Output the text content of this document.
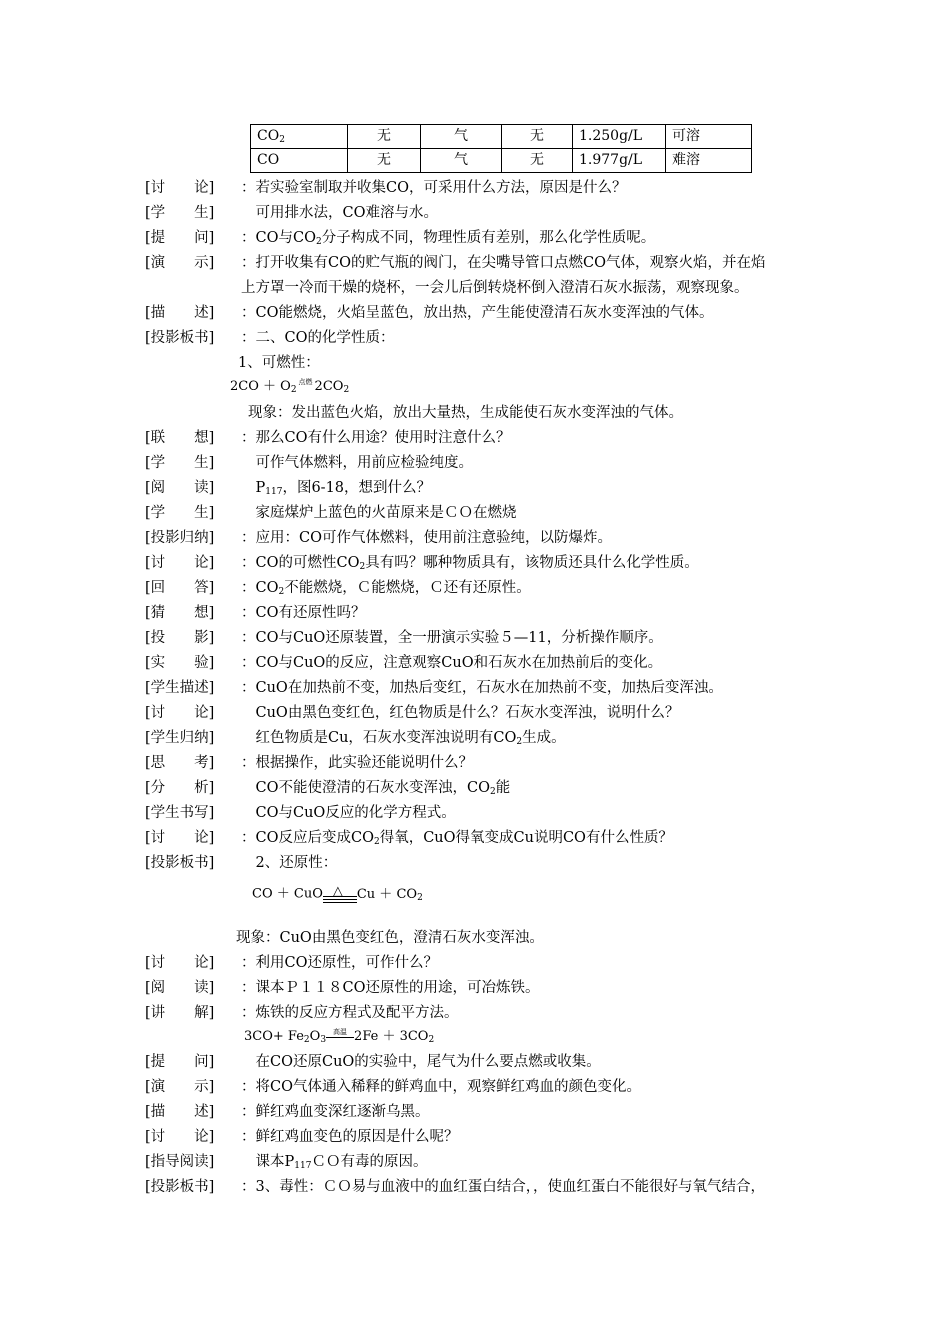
$CO_2$	无	气	无	1.250g/L	可溶
CO	无	气	无	1.977g/L	难溶
[讨　　论] ：若实验室制取并收集CO，可采用什么方法，原因是什么？
[学　　生]　可用排水法，CO难溶与水。
[提　　问] ：CO与$CO_2$分子构成不同，物理性质有差别，那么化学性质呢。
[演　　示] ：打开收集有CO的贮气瓶的阀门，在尖嘴导管口点燃CO气体，观察火焰，并在焰
上方罩一冷而干燥的烧杯，一会儿后倒转烧杯倒入澄清石灰水振荡，观察现象。
[描　　述] ：CO能燃烧，火焰呈蓝色，放出热，产生能使澄清石灰水变浑浊的气体。
[投影板书] ：二、CO的化学性质：
1、可燃性：
$2CO + O_2$点燃 $2CO_2$
现象：发出蓝色火焰，放出大量热，生成能使石灰水变浑浊的气体。
[联　　想] ：那么CO有什么用途？使用时注意什么？
[学　　生]　可作气体燃料，用前应检验纯度。
[阅　　读]　$P_{117}$，图6-18，想到什么？
[学　　生]　家庭煤炉上蓝色的火苗原来是ＣＯ在燃烧
[投影归纳] ：应用：CO可作气体燃料，使用前注意验纯，以防爆炸。
[讨　　论] ：CO的可燃性$CO_2$具有吗？哪种物质具有，该物质还具什么化学性质。
[回　　答] ：$CO_2$不能燃烧，Ｃ能燃烧，Ｃ还有还原性。
[猜　　想] ：CO有还原性吗？
[投　　影] ：CO与CuO还原装置，全一册演示实验５—11，分析操作顺序。
[实　　验] ：CO与CuO的反应，注意观察CuO和石灰水在加热前后的变化。
[学生描述] ：CuO在加热前不变，加热后变红，石灰水在加热前不变，加热后变浑浊。
[讨　　论]　CuO由黑色变红色，红色物质是什么？石灰水变浑浊，说明什么？
[学生归纳]　红色物质是Cu，石灰水变浑浊说明有$CO_2$生成。
[思　　考] ：根据操作，此实验还能说明什么？
[分　　析]　CO不能使澄清的石灰水变浑浊，$CO_2$能
[学生书写]　CO与CuO反应的化学方程式。
[讨　　论] ：CO反应后变成$CO_2$得氧，CuO得氧变成Cu说明CO有什么性质？
[投影板书]　2、还原性：
CO ＋ CuO △ $Cu + CO_2$
现象：CuO由黑色变红色，澄清石灰水变浑浊。
[讨　　论] ：利用CO还原性，可作什么？
[阅　　读] ：课本Ｐ１１８CO还原性的用途，可冶炼铁。
[讲　　解] ：炼铁的反应方程式及配平方法。
$3CO+ Fe_2O_3$高温 $2Fe + 3CO_2$
[提　　问]　在CO还原CuO的实验中，尾气为什么要点燃或收集。
[演　　示] ：将CO气体通入稀释的鲜鸡血中，观察鲜红鸡血的颜色变化。
[描　　述] ：鲜红鸡血变深红逐渐乌黑。
[讨　　论] ：鲜红鸡血变色的原因是什么呢？
[指导阅读]　课本$P_{117}CO$有毒的原因。
[投影板书] ：3、毒性：ＣＯ易与血液中的血红蛋白结合，，使血红蛋白不能很好与氧气结合，
